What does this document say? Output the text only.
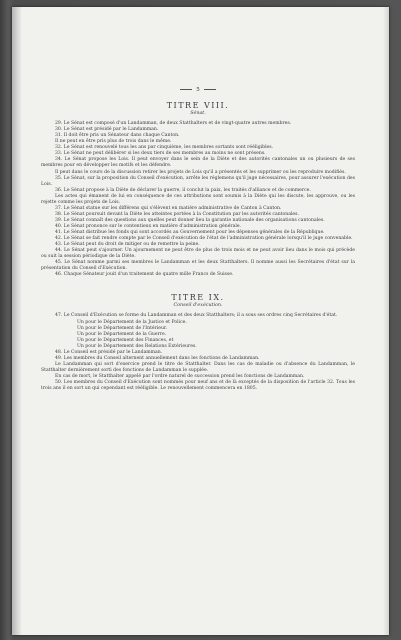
5
TITRE VIII.
Sénat.

29. Le Sénat est composé d'un Landamman, de deux Statthalters et de vingt-quatre autres membres.

30. Le Sénat est présidé par le Landamman.

31. Il doit être pris un Sénateur dans chaque Canton.

Il ne peut en être pris plus de trois dans le même.

32. Le Sénat est renouvelé tous les ans par cinquième, les membres sortants sont rééligibles.

33. Le Sénat ne peut délibérer si les deux tiers de ses membres au moins ne sont présens.

34. Le Sénat propose les Lois. Il peut envoyer dans le sein de la Diète et des autorités cantonales un ou plusieurs de ses membres pour en développer les motifs et les défendre.

Il peut dans le cours de la discussion retirer les projets de Lois qu'il a présentés et les supprimer ou les reproduire modifiés.

35. Le Sénat, sur la proposition du Conseil d'exécution, arrête les réglemens qu'il juge nécessaires, pour assurer l'exécution des Lois.

36. Le Sénat propose à la Diète de déclarer la guerre, il conclut la paix, les traités d'alliance et de commerce.

Les actes qui émanent de lui en conséquence de ces attributions sont soumis à la Diète qui les discute, les approuve, ou les rejette comme les projets de Lois.

37. Le Sénat statue sur les différens qui s'élèvent en matière administrative de Canton à Canton.

38. Le Sénat poursuit devant la Diète les atteintes portées à la Constitution par les autorités cantonales.

39. Le Sénat connaît des questions aux quelles peut donner lieu la garantie nationale des organisations cantonales.

40. Le Sénat prononce sur le contentieux en matière d'administration générale.

41. Le Sénat distribue les fonds qui sont accordés au Gouvernement pour les dépenses générales de la République.

42. Le Sénat se fait rendre compte par le Conseil d'exécution de l'état de l'administration générale lorsqu'il le juge convenable.

43. Le Sénat peut du droit de mitiger ou de remettre la peine.

44. Le Sénat peut s'ajourner. Un ajournement ne peut être de plus de trois mois et ne peut avoir lieu dans le mois qui précède ou suit la session périodique de la Diète.

45. Le Sénat nomme parmi ses membres le Landamman et les deux Statthalters. Il nomme aussi les Secrétaires d'état sur la présentation du Conseil d'Exécution.

46. Chaque Sénateur jouit d'un traitement de quatre mille Francs de Suisse.

TITRE IX.
Conseil d'exécution.

47. Le Conseil d'Exécution se forme du Landamman et des deux Statthalters; il a sous ses ordres cinq Secrétaires d'état.

Un pour le Département de la Justice et Police.

Un pour le Département de l'Intérieur.

Un pour le Département de la Guerre.

Un pour le Département des Finances, et

Un pour le Département des Relations Extérieures.

48. Le Conseil est présidé par le Landamman.

49. Les membres du Conseil alternent annuellement dans les fonctions de Landamman.

Le Landamman qui sort d'exercice prend le titre de Statthalter. Dans les cas de maladie ou d'absence du Landamman, le Statthalter dernièrement sorti des fonctions de Landamman le supplée.

En cas de mort, le Statthalter appelé par l'ordre naturel de succession prend les fonctions de Landamman.

50. Les membres du Conseil d'Exécution sont nommés pour neuf ans et de là exceptés de la disposition de l'article 32. Tous les trois ans il en sort un qui cependant est rééligible. Le renouvellement commencera en 1805.
